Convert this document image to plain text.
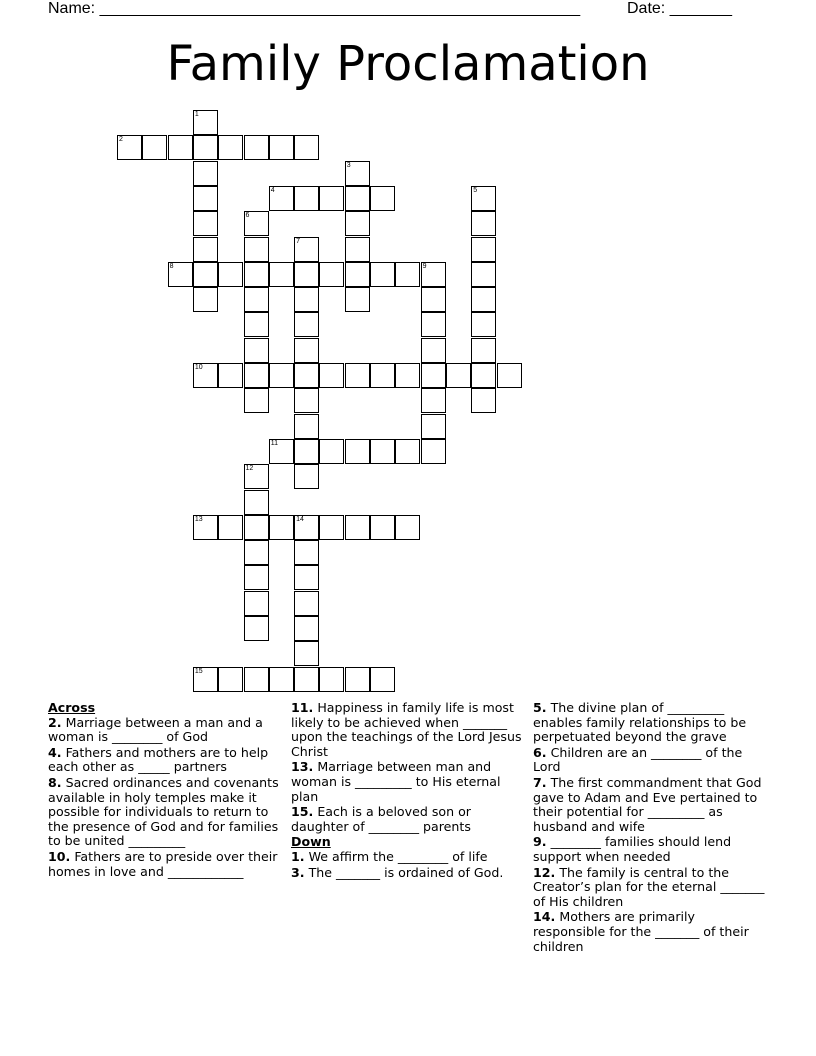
Name: ______________________________________________________	Date: _______
Family Proclamation
1
2
3
4	5
6
7
8	9
10
11
12
13	14
15
Across
2. Marriage between a man and a woman is ________ of God
4. Fathers and mothers are to help each other as _____ partners
8. Sacred ordinances and covenants available in holy temples make it possible for individuals to return to the presence of God and for families to be united _________
10. Fathers are to preside over their homes in love and ____________
11. Happiness in family life is most likely to be achieved when _______ upon the teachings of the Lord Jesus Christ
13. Marriage between man and woman is _________ to His eternal plan
15. Each is a beloved son or daughter of ________ parents
Down
1. We affirm the ________ of life
3. The _______ is ordained of God.
5. The divine plan of _________ enables family relationships to be perpetuated beyond the grave
6. Children are an ________ of the Lord
7. The first commandment that God gave to Adam and Eve pertained to their potential for _________ as husband and wife
9. ________ families should lend support when needed
12. The family is central to the Creator’s plan for the eternal _______ of His children
14. Mothers are primarily responsible for the _______ of their children
